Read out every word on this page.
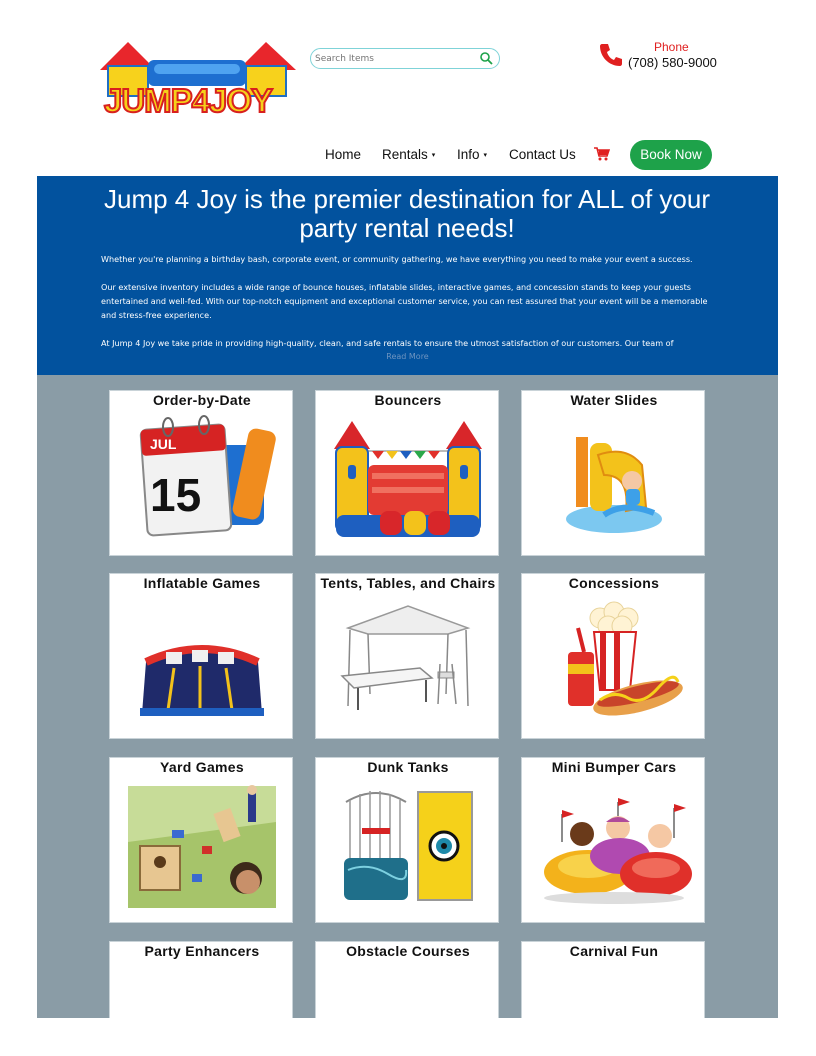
JUMP4JOY
Search Items
Phone
(708) 580-9000
Home Rentals ▾ Info ▾ Contact Us	Book Now
Jump 4 Joy is the premier destination for ALL of your party rental needs!
Whether you're planning a birthday bash, corporate event, or community gathering, we have everything you need to make your event a success.
Our extensive inventory includes a wide range of bounce houses, inflatable slides, interactive games, and concession stands to keep your guests entertained and well-fed. With our top-notch equipment and exceptional customer service, you can rest assured that your event will be a memorable and stress-free experience.
At Jump 4 Joy we take pride in providing high-quality, clean, and safe rentals to ensure the utmost satisfaction of our customers. Our team of
Read More
Order-by-Date
JUL
15
Bouncers	Water Slides
Inflatable Games	Tents, Tables, and Chairs	Concessions
Yard Games	Dunk Tanks	Mini Bumper Cars
Party Enhancers	Obstacle Courses	Carnival Fun
